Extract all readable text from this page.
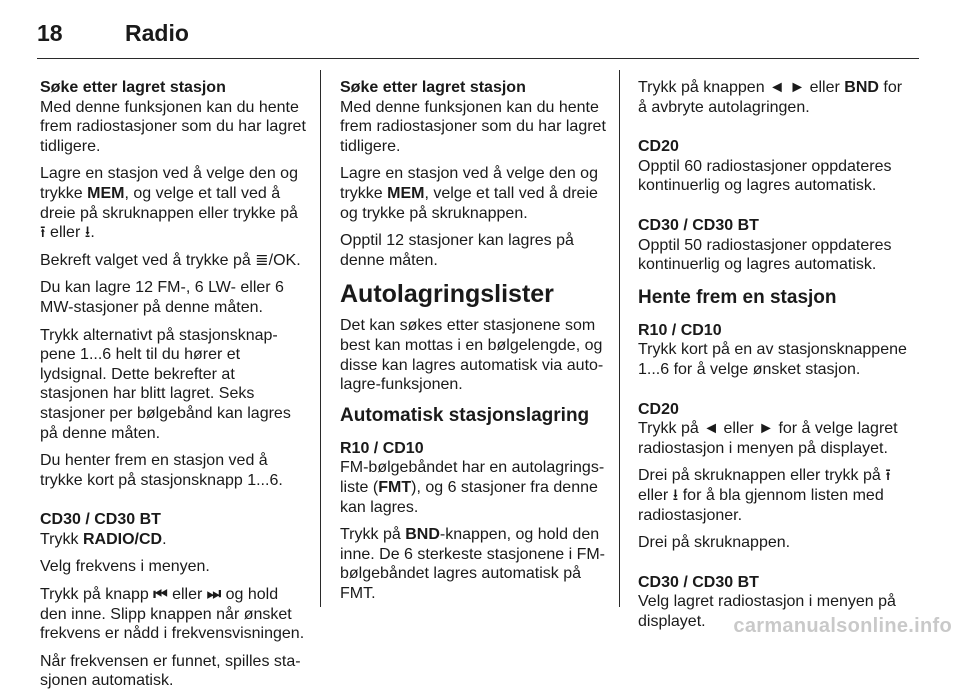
18	Radio
Søke etter lagret stasjon

Med denne funksjonen kan du hente frem radiostasjoner som du har lagret tidligere.

Lagre en stasjon ved å velge den og trykke MEM, og velge et tall ved å dreie på skruknappen eller trykke på ⭱ eller ⭳.

Bekreft valget ved å trykke på ≣/OK.

Du kan lagre 12 FM-, 6 LW- eller 6 MW-stasjoner på denne måten.

Trykk alternativt på stasjonsknappene 1...6 helt til du hører et lydsignal. Dette bekrefter at stasjonen har blitt lagret. Seks stasjoner per bølgebånd kan lagres på denne måten.

Du henter frem en stasjon ved å trykke kort på stasjonsknapp 1...6.

CD30 / CD30 BT

Trykk RADIO/CD.

Velg frekvens i menyen.

Trykk på knapp ⏮ eller ⏭ og hold den inne. Slipp knappen når ønsket frekvens er nådd i frekvensvisningen.

Når frekvensen er funnet, spilles stasjonen automatisk.

Søke etter lagret stasjon

Med denne funksjonen kan du hente frem radiostasjoner som du har lagret tidligere.

Lagre en stasjon ved å velge den og trykke MEM, velge et tall ved å dreie og trykke på skruknappen.

Opptil 12 stasjoner kan lagres på denne måten.

Autolagringslister

Det kan søkes etter stasjonene som best kan mottas i en bølgelengde, og disse kan lagres automatisk via autolagre-funksjonen.

Automatisk stasjonslagring
R10 / CD10

FM-bølgebåndet har en autolagringsliste (FMT), og 6 stasjoner fra denne kan lagres.

Trykk på BND-knappen, og hold den inne. De 6 sterkeste stasjonene i FM-bølgebåndet lagres automatisk på FMT.

Trykk på knappen ◄ ► eller BND for å avbryte autolagringen.

CD20

Opptil 60 radiostasjoner oppdateres kontinuerlig og lagres automatisk.

CD30 / CD30 BT

Opptil 50 radiostasjoner oppdateres kontinuerlig og lagres automatisk.

Hente frem en stasjon
R10 / CD10

Trykk kort på en av stasjonsknappene 1...6 for å velge ønsket stasjon.

CD20

Trykk på ◄ eller ► for å velge lagret radiostasjon i menyen på displayet.

Drei på skruknappen eller trykk på ⭱ eller ⭳ for å bla gjennom listen med radiostasjoner.

Drei på skruknappen.

CD30 / CD30 BT

Velg lagret radiostasjon i menyen på displayet.	carmanualsonline.info
